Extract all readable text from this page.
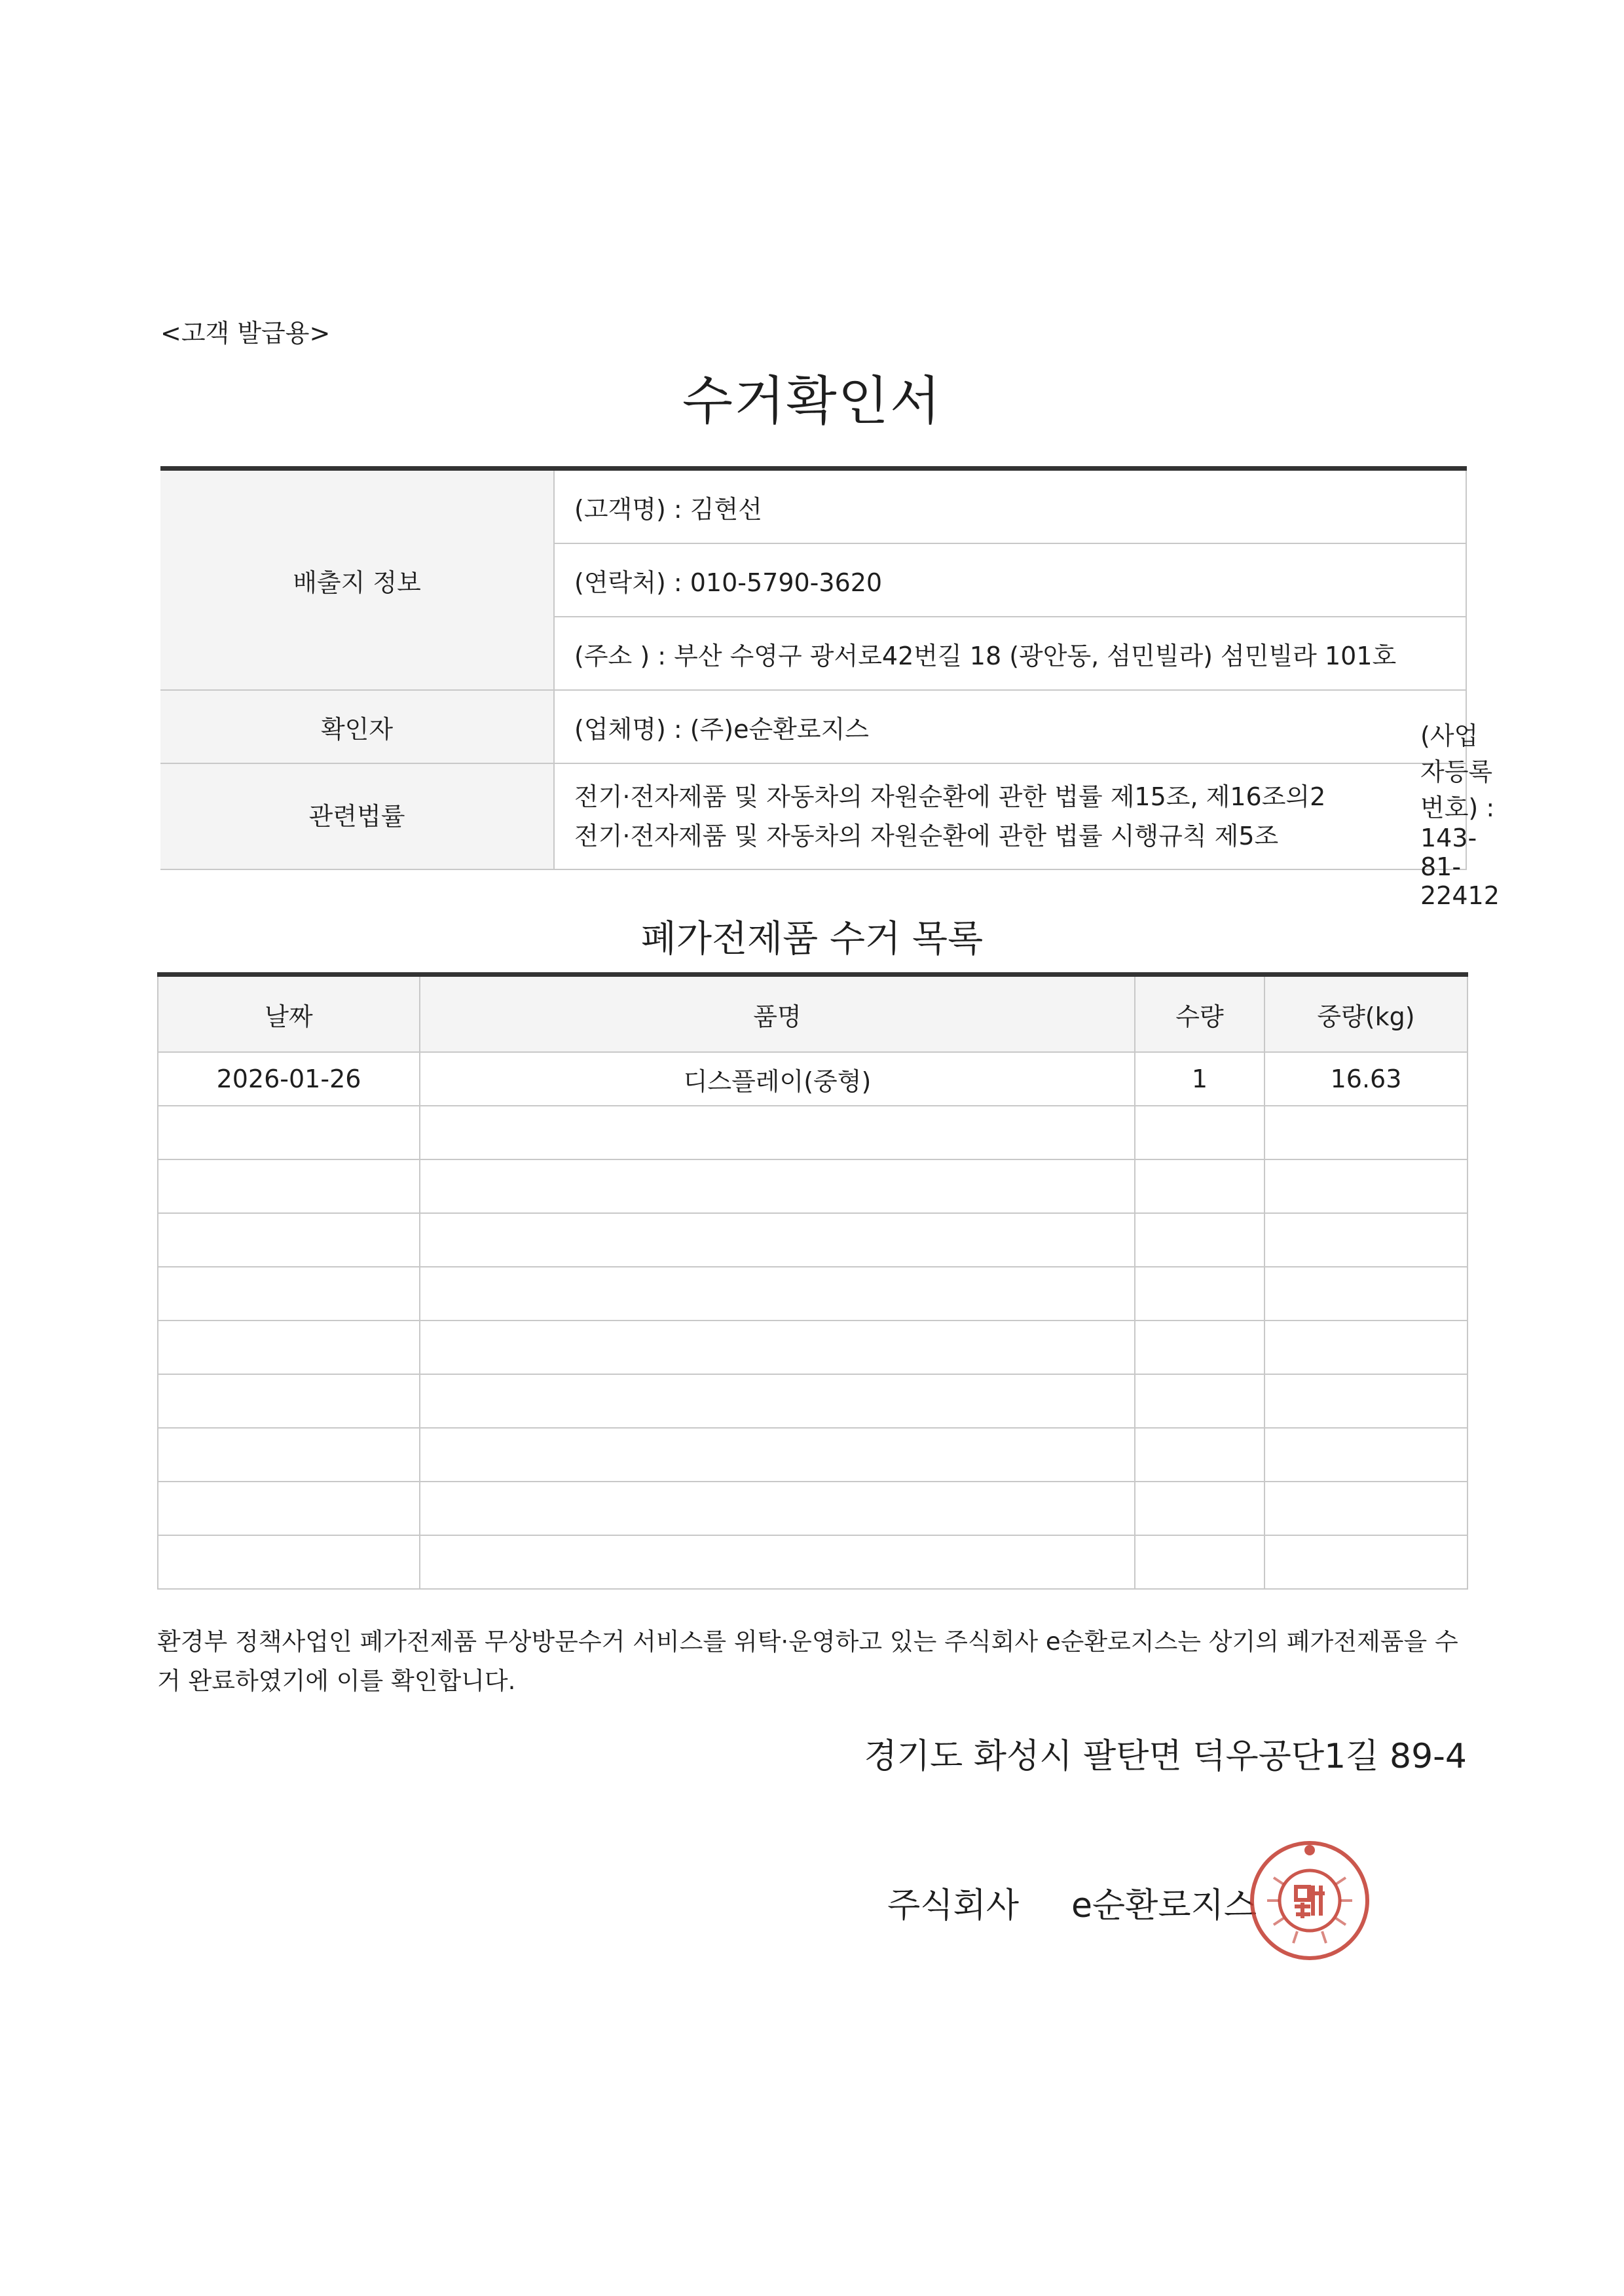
<고객 발급용>
수거확인서
배출지 정보	(고객명) : 김현선
	(연락처) : 010-5790-3620
	(주소 ) : 부산 수영구 광서로42번길 18 (광안동, 섬민빌라) 섬민빌라 101호
확인자	(업체명) : (주)e순환로지스 (사업자등록번호) : 143-81-22412

관련법률	전기·전자제품 및 자동차의 자원순환에 관한 법률 제15조, 제16조의2
전기·전자제품 및 자동차의 자원순환에 관한 법률 시행규칙 제5조
폐가전제품 수거 목록
날짜	품명	수량	중량(kg)
2026-01-26	디스플레이(중형)	1	16.63

환경부 정책사업인 폐가전제품 무상방문수거 서비스를 위탁·운영하고 있는 주식회사 e순환로지스는 상기의 폐가전제품을 수거 완료하였기에 이를 확인합니다.
경기도 화성시 팔탄면 덕우공단1길 89-4
주식회사 e순환로지스
